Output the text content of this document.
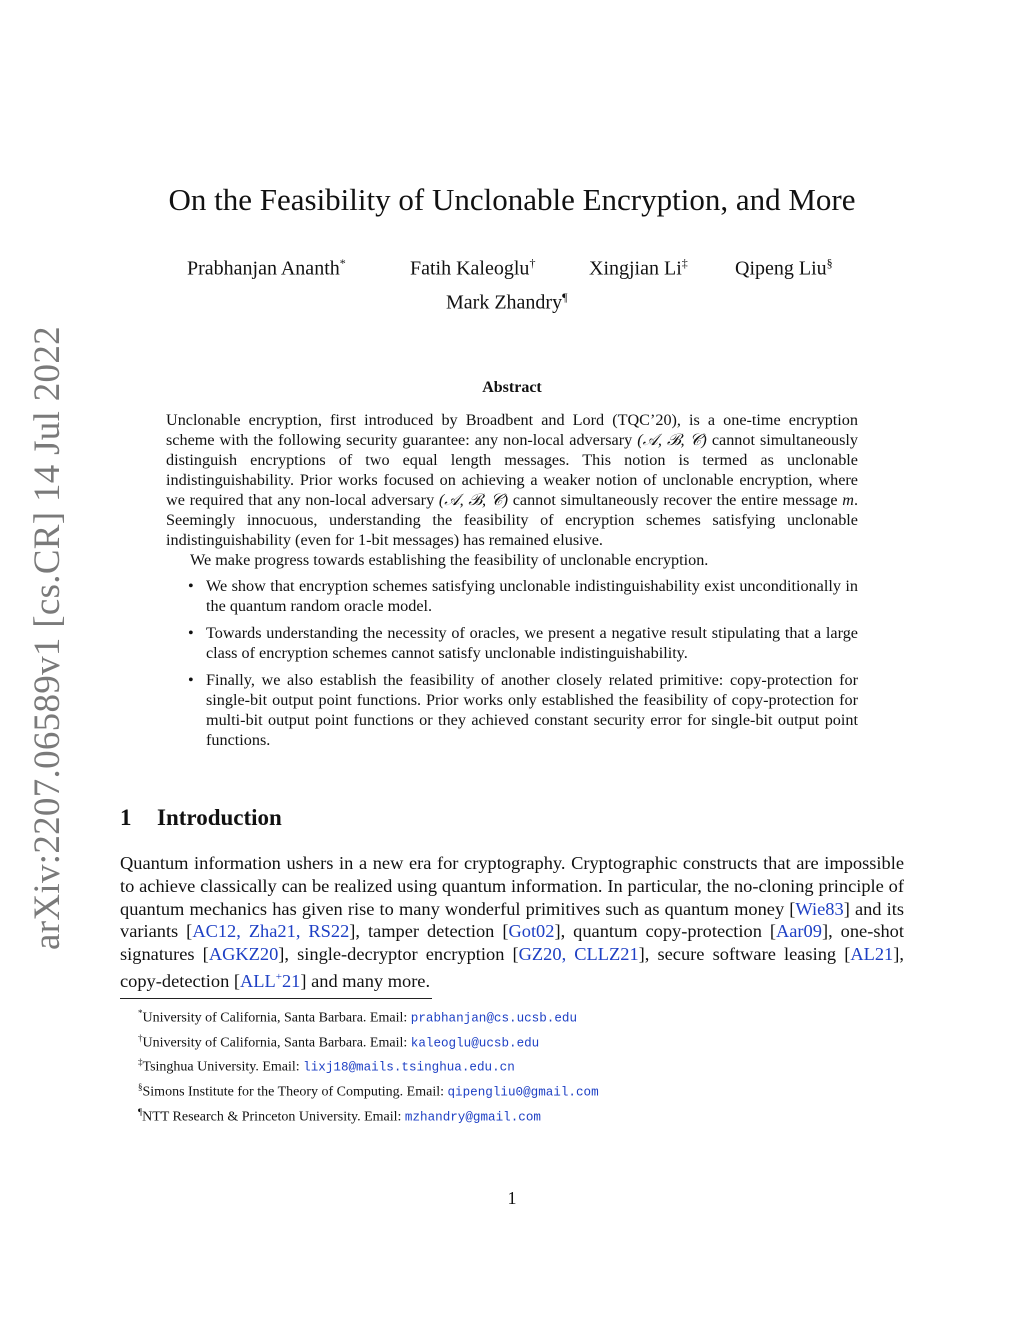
arXiv:2207.06589v1 [cs.CR] 14 Jul 2022
On the Feasibility of Unclonable Encryption, and More
Prabhanjan Ananth*	Fatih Kaleoglu†	Xingjian Li‡ Qipeng Liu§
Mark Zhandry¶
Abstract

Unclonable encryption, first introduced by Broadbent and Lord (TQC’20), is a one-time encryption scheme with the following security guarantee: any non-local adversary (𝒜, ℬ, 𝒞) cannot simultaneously distinguish encryptions of two equal length messages. This notion is termed as unclonable indistinguishability. Prior works focused on achieving a weaker notion of unclonable encryption, where we required that any non-local adversary (𝒜, ℬ, 𝒞) cannot simultaneously recover the entire message m. Seemingly innocuous, understanding the feasibility of encryption schemes satisfying unclonable indistinguishability (even for 1-bit messages) has remained elusive.

We make progress towards establishing the feasibility of unclonable encryption.

• We show that encryption schemes satisfying unclonable indistinguishability exist unconditionally in the quantum random oracle model.
• Towards understanding the necessity of oracles, we present a negative result stipulating that a large class of encryption schemes cannot satisfy unclonable indistinguishability.
• Finally, we also establish the feasibility of another closely related primitive: copy-protection for single-bit output point functions. Prior works only established the feasibility of copy-protection for multi-bit output point functions or they achieved constant security error for single-bit output point functions.
1 Introduction

Quantum information ushers in a new era for cryptography. Cryptographic constructs that are impossible to achieve classically can be realized using quantum information. In particular, the no-cloning principle of quantum mechanics has given rise to many wonderful primitives such as quantum money [Wie83] and its variants [AC12, Zha21, RS22], tamper detection [Got02], quantum copy-protection [Aar09], one-shot signatures [AGKZ20], single-decryptor encryption [GZ20, CLLZ21], secure software leasing [AL21], copy-detection [ALL+21] and many more.

*University of California, Santa Barbara. Email: prabhanjan@cs.ucsb.edu
†University of California, Santa Barbara. Email: kaleoglu@ucsb.edu
‡Tsinghua University. Email: lixj18@mails.tsinghua.edu.cn
§Simons Institute for the Theory of Computing. Email: qipengliu0@gmail.com
¶NTT Research & Princeton University. Email: mzhandry@gmail.com
1
